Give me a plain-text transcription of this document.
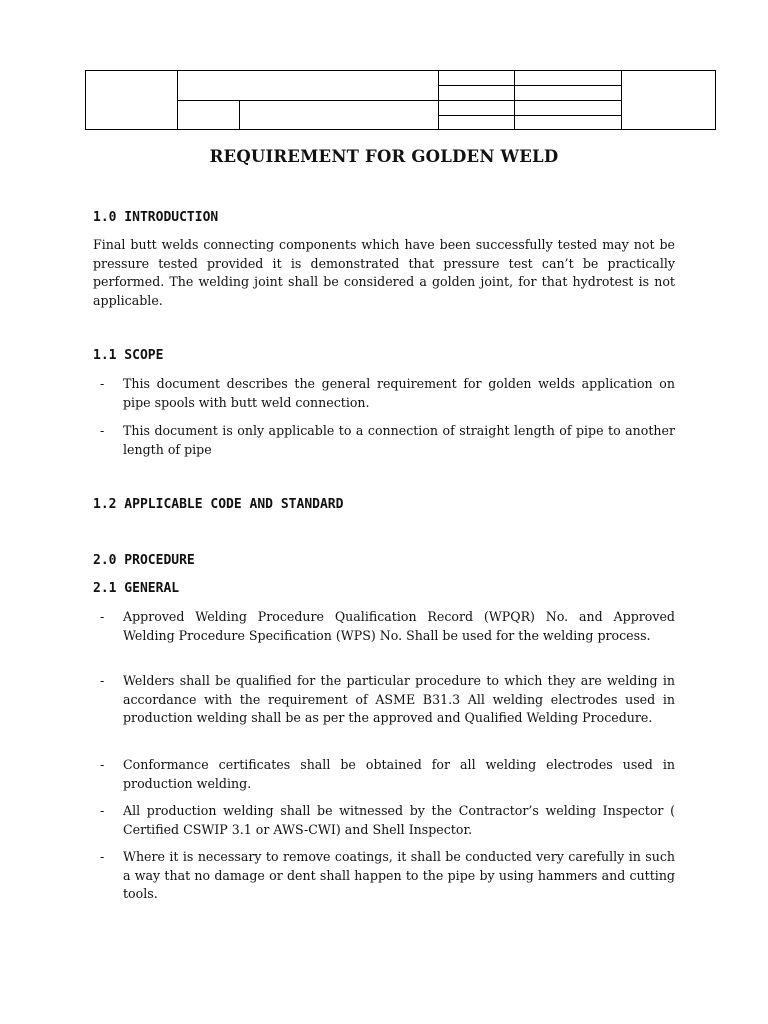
REQUIREMENT FOR GOLDEN WELD
1.0 INTRODUCTION
Final butt welds connecting components which have been successfully tested may not be pressure tested provided it is demonstrated that pressure test can’t be practically performed. The welding joint shall be considered a golden joint, for that hydrotest is not applicable.
1.1 SCOPE
- This document describes the general requirement for golden welds application on pipe spools with butt weld connection.
- This document is only applicable to a connection of straight length of pipe to another length of pipe
1.2 APPLICABLE CODE AND STANDARD
2.0 PROCEDURE
2.1 GENERAL
- Approved Welding Procedure Qualification Record (WPQR) No. and Approved Welding Procedure Specification (WPS) No. Shall be used for the welding process.
- Welders shall be qualified for the particular procedure to which they are welding in accordance with the requirement of ASME B31.3 All welding electrodes used in production welding shall be as per the approved and Qualified Welding Procedure.
- Conformance certificates shall be obtained for all welding electrodes used in production welding.
- All production welding shall be witnessed by the Contractor’s welding Inspector ( Certified CSWIP 3.1 or AWS-CWI) and Shell Inspector.
- Where it is necessary to remove coatings, it shall be conducted very carefully in such a way that no damage or dent shall happen to the pipe by using hammers and cutting tools.
